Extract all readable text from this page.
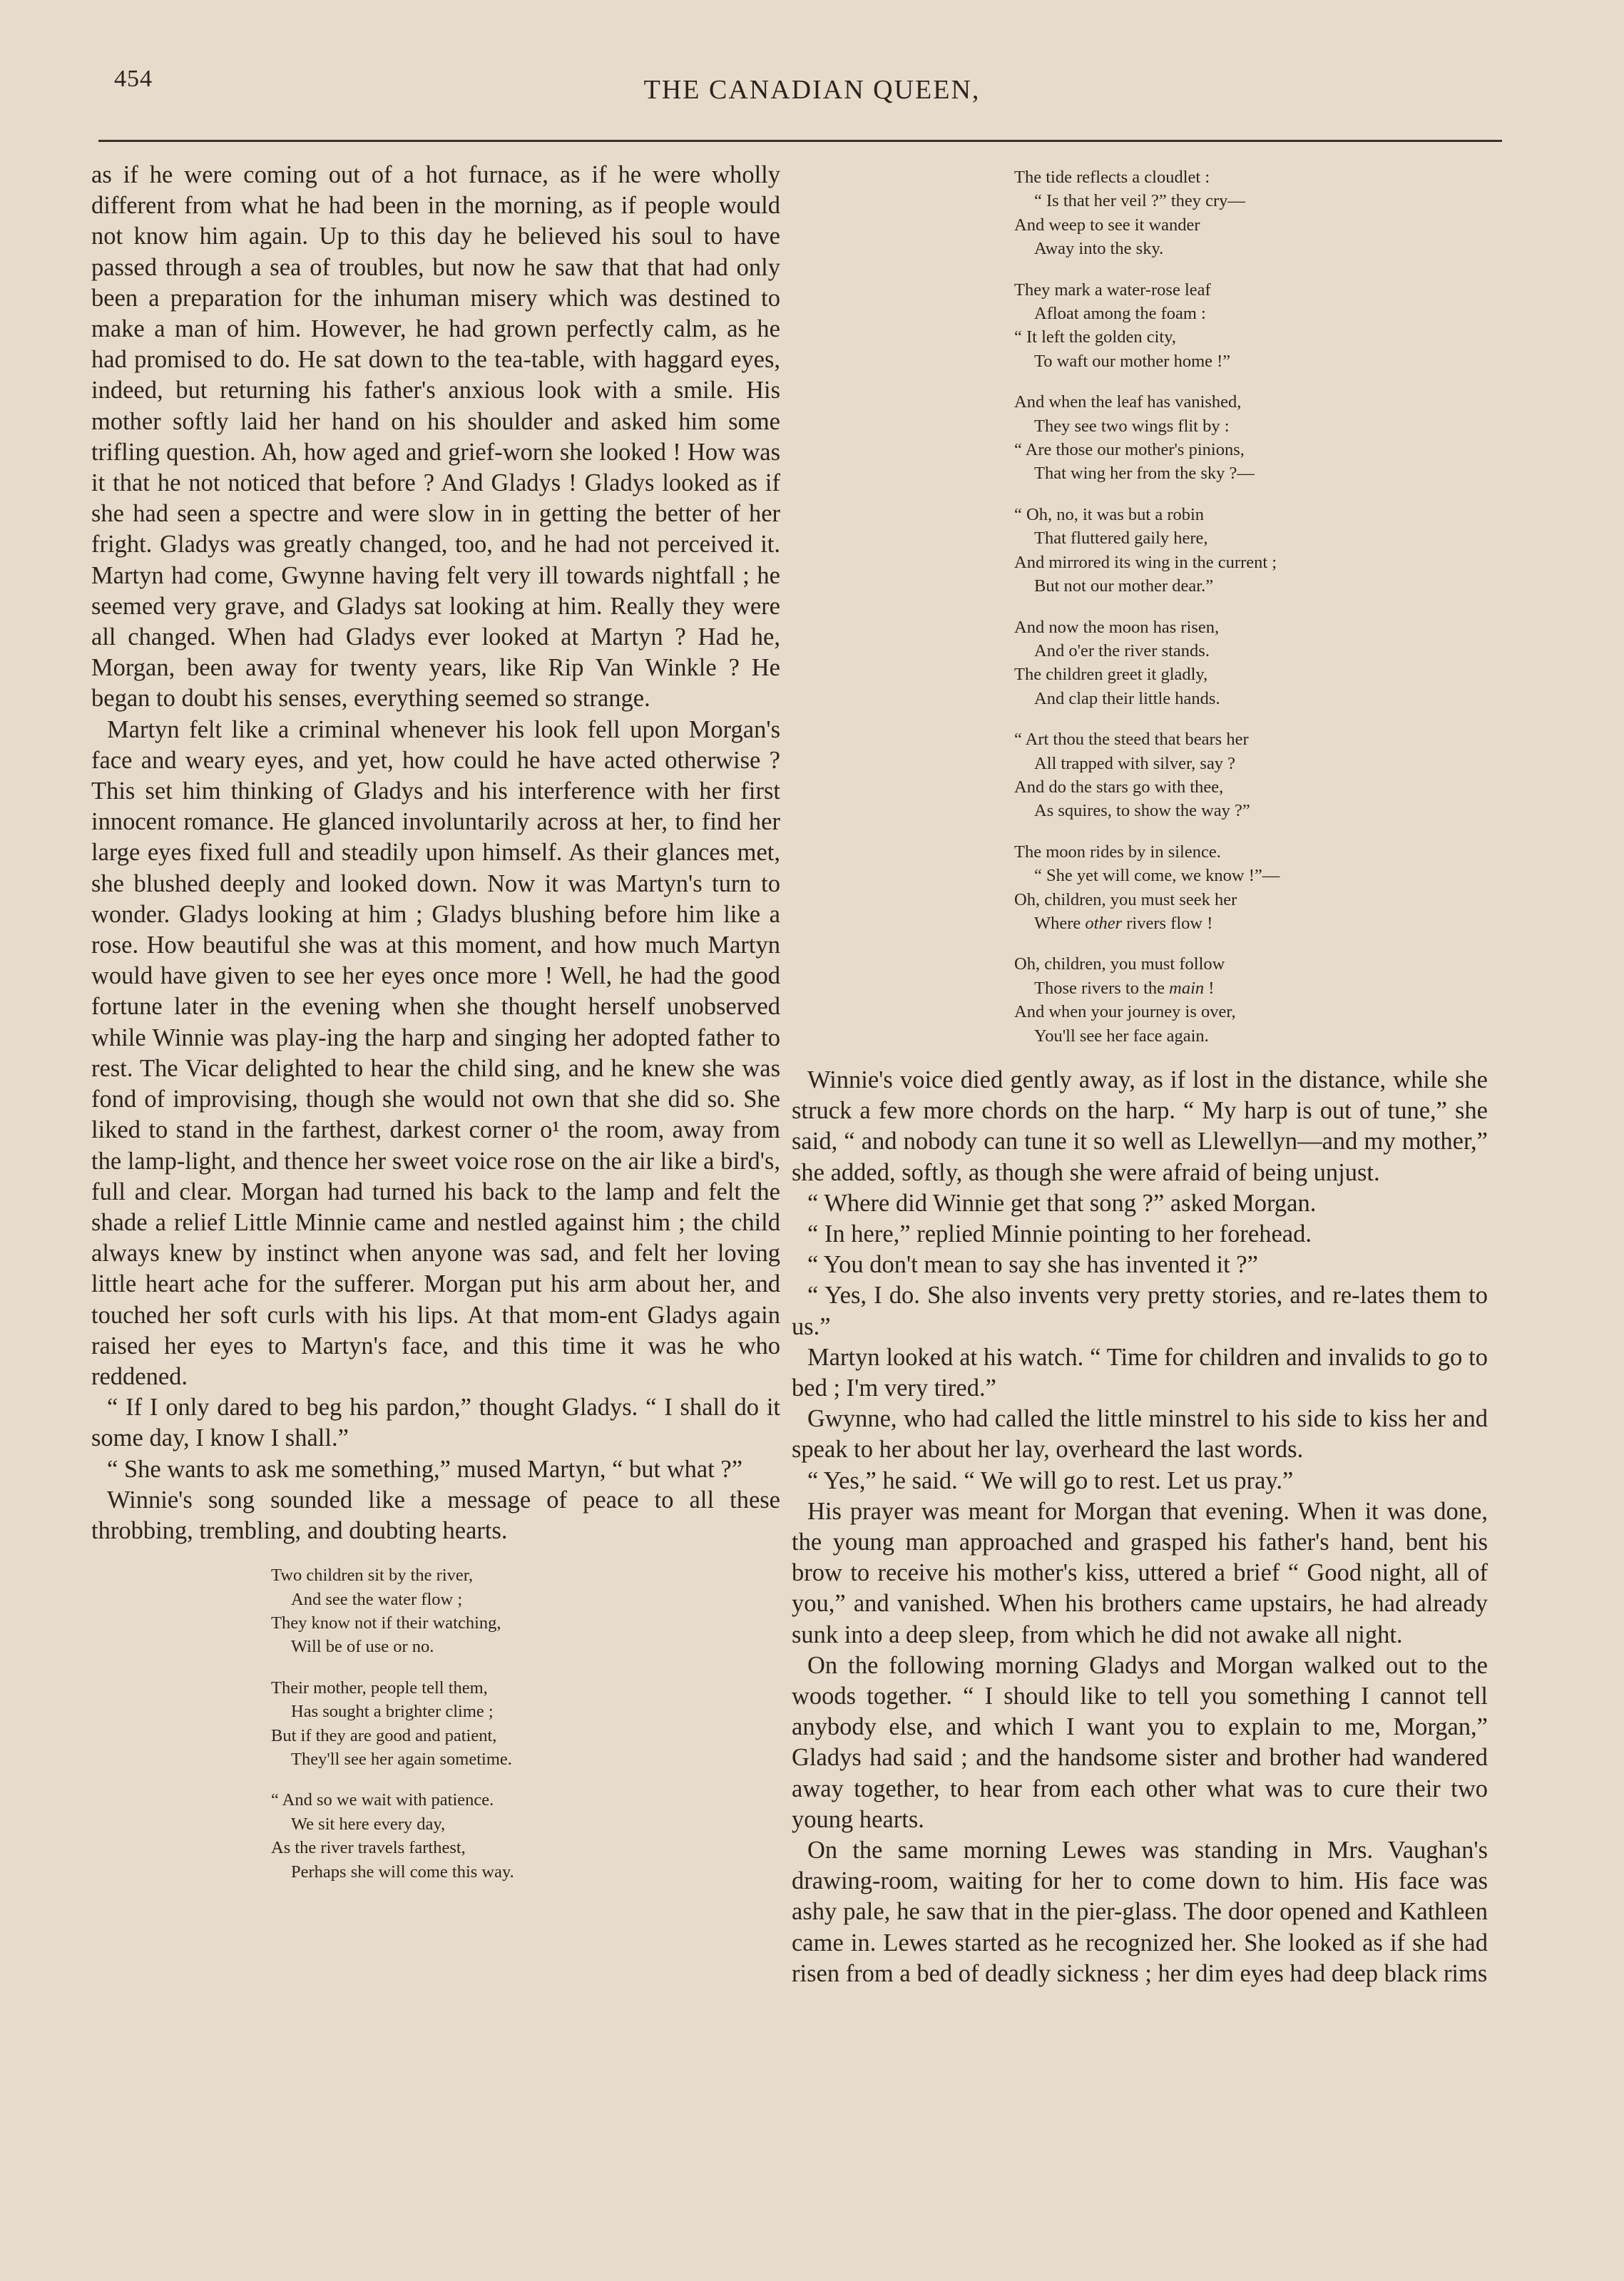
454	THE CANADIAN QUEEN,

as if he were coming out of a hot furnace, as if he were wholly different from what he had been in the morning, as if people would not know him again. Up to this day he believed his soul to have passed through a sea of troubles, but now he saw that that had only been a preparation for the inhuman misery which was destined to make a man of him. However, he had grown perfectly calm, as he had promised to do. He sat down to the tea-table, with haggard eyes, indeed, but returning his father's anxious look with a smile. His mother softly laid her hand on his shoulder and asked him some trifling question. Ah, how aged and grief-worn she looked ! How was it that he not noticed that before ? And Gladys ! Gladys looked as if she had seen a spectre and were slow in in getting the better of her fright. Gladys was greatly changed, too, and he had not perceived it. Martyn had come, Gwynne having felt very ill towards nightfall ; he seemed very grave, and Gladys sat looking at him. Really they were all changed. When had Gladys ever looked at Martyn ? Had he, Morgan, been away for twenty years, like Rip Van Winkle ? He began to doubt his senses, everything seemed so strange.

Martyn felt like a criminal whenever his look fell upon Morgan's face and weary eyes, and yet, how could he have acted otherwise ? This set him thinking of Gladys and his interference with her first innocent romance. He glanced involuntarily across at her, to find her large eyes fixed full and steadily upon himself. As their glances met, she blushed deeply and looked down. Now it was Martyn's turn to wonder. Gladys looking at him ; Gladys blushing before him like a rose. How beautiful she was at this moment, and how much Martyn would have given to see her eyes once more ! Well, he had the good fortune later in the evening when she thought herself unobserved while Winnie was play-ing the harp and singing her adopted father to rest. The Vicar delighted to hear the child sing, and he knew she was fond of improvising, though she would not own that she did so. She liked to stand in the farthest, darkest corner o¹ the room, away from the lamp-light, and thence her sweet voice rose on the air like a bird's, full and clear. Morgan had turned his back to the lamp and felt the shade a relief Little Minnie came and nestled against him ; the child always knew by instinct when anyone was sad, and felt her loving little heart ache for the sufferer. Morgan put his arm about her, and touched her soft curls with his lips. At that mom-ent Gladys again raised her eyes to Martyn's face, and this time it was he who reddened.

“ If I only dared to beg his pardon,” thought Gladys. “ I shall do it some day, I know I shall.”

“ She wants to ask me something,” mused Martyn, “ but what ?”

Winnie's song sounded like a message of peace to all these throbbing, trembling, and doubting hearts.

Two children sit by the river,
And see the water flow ;
They know not if their watching,
Will be of use or no.
Their mother, people tell them,
Has sought a brighter clime ;
But if they are good and patient,
They'll see her again sometime.
“ And so we wait with patience.
We sit here every day,
As the river travels farthest,
Perhaps she will come this way.
The tide reflects a cloudlet :
“ Is that her veil ?” they cry—
And weep to see it wander
Away into the sky.
They mark a water-rose leaf
Afloat among the foam :
“ It left the golden city,
To waft our mother home !”
And when the leaf has vanished,
They see two wings flit by :
“ Are those our mother's pinions,
That wing her from the sky ?—
“ Oh, no, it was but a robin
That fluttered gaily here,
And mirrored its wing in the current ;
But not our mother dear.”
And now the moon has risen,
And o'er the river stands.
The children greet it gladly,
And clap their little hands.
“ Art thou the steed that bears her
All trapped with silver, say ?
And do the stars go with thee,
As squires, to show the way ?”
The moon rides by in silence.
“ She yet will come, we know !”—
Oh, children, you must seek her
Where other rivers flow !
Oh, children, you must follow
Those rivers to the main !
And when your journey is over,
You'll see her face again.

Winnie's voice died gently away, as if lost in the distance, while she struck a few more chords on the harp. “ My harp is out of tune,” she said, “ and nobody can tune it so well as Llewellyn—and my mother,” she added, softly, as though she were afraid of being unjust.

“ Where did Winnie get that song ?” asked Morgan.

“ In here,” replied Minnie pointing to her forehead.

“ You don't mean to say she has invented it ?”

“ Yes, I do. She also invents very pretty stories, and re-lates them to us.”

Martyn looked at his watch. “ Time for children and invalids to go to bed ; I'm very tired.”

Gwynne, who had called the little minstrel to his side to kiss her and speak to her about her lay, overheard the last words.

“ Yes,” he said. “ We will go to rest. Let us pray.”

His prayer was meant for Morgan that evening. When it was done, the young man approached and grasped his father's hand, bent his brow to receive his mother's kiss, uttered a brief “ Good night, all of you,” and vanished. When his brothers came upstairs, he had already sunk into a deep sleep, from which he did not awake all night.

On the following morning Gladys and Morgan walked out to the woods together. “ I should like to tell you something I cannot tell anybody else, and which I want you to explain to me, Morgan,” Gladys had said ; and the handsome sister and brother had wandered away together, to hear from each other what was to cure their two young hearts.

On the same morning Lewes was standing in Mrs. Vaughan's drawing-room, waiting for her to come down to him. His face was ashy pale, he saw that in the pier-glass. The door opened and Kathleen came in. Lewes started as he recognized her. She looked as if she had risen from a bed of deadly sickness ; her dim eyes had deep black rims
